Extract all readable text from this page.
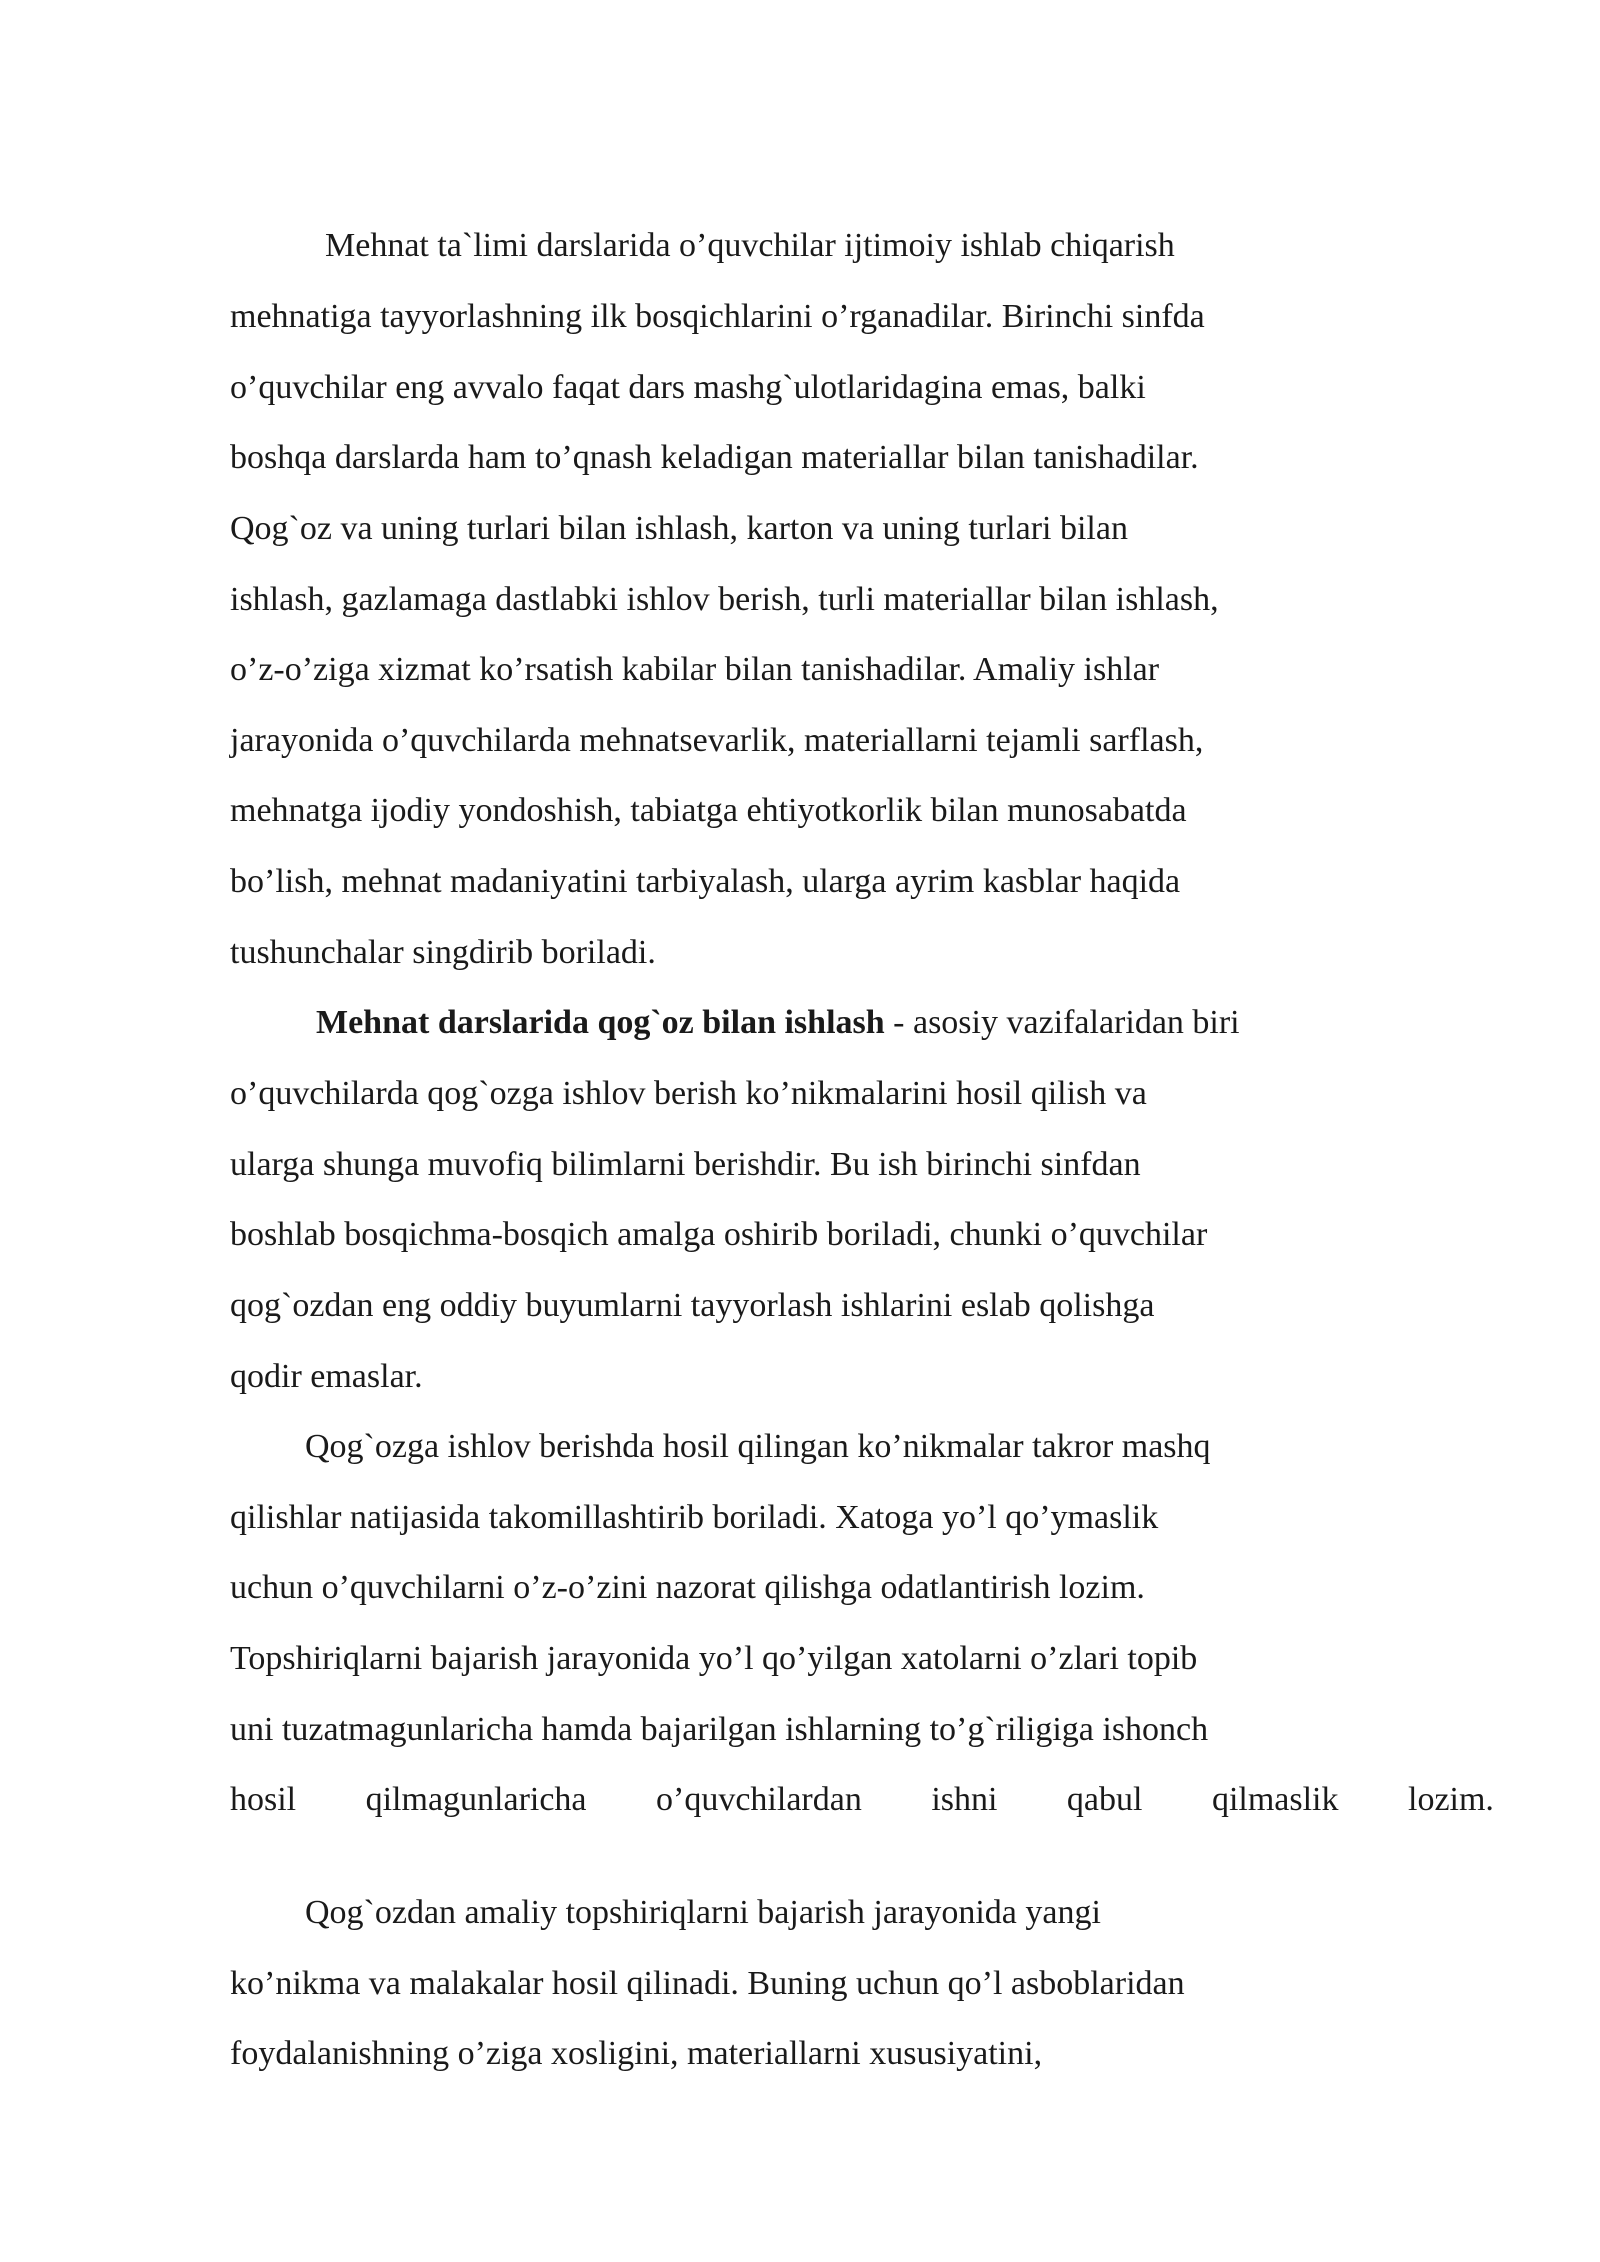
Mehnat ta`limi darslarida o’quvchilar ijtimoiy ishlab chiqarish

mehnatiga tayyorlashning ilk bosqichlarini o’rganadilar. Birinchi sinfda

o’quvchilar eng avvalo faqat dars mashg`ulotlaridagina emas, balki

boshqa darslarda ham to’qnash keladigan materiallar bilan tanishadilar.

Qog`oz va uning turlari bilan ishlash, karton va uning turlari bilan

ishlash, gazlamaga dastlabki ishlov berish, turli materiallar bilan ishlash,

o’z-o’ziga xizmat ko’rsatish kabilar bilan tanishadilar. Amaliy ishlar

jarayonida o’quvchilarda mehnatsevarlik, materiallarni tejamli sarflash,

mehnatga ijodiy yondoshish, tabiatga ehtiyotkorlik bilan munosabatda

bo’lish, mehnat madaniyatini tarbiyalash, ularga ayrim kasblar haqida

tushunchalar singdirib boriladi.

Mehnat darslarida qog`oz bilan ishlash - asosiy vazifalaridan biri

o’quvchilarda qog`ozga ishlov berish ko’nikmalarini hosil qilish va

ularga shunga muvofiq bilimlarni berishdir. Bu ish birinchi sinfdan

boshlab bosqichma-bosqich amalga oshirib boriladi, chunki o’quvchilar

qog`ozdan eng oddiy buyumlarni tayyorlash ishlarini eslab qolishga

qodir emaslar.

Qog`ozga ishlov berishda hosil qilingan ko’nikmalar takror mashq

qilishlar natijasida takomillashtirib boriladi. Xatoga yo’l qo’ymaslik

uchun o’quvchilarni o’z-o’zini nazorat qilishga odatlantirish lozim.

Topshiriqlarni bajarish jarayonida yo’l qo’yilgan xatolarni o’zlari topib

uni tuzatmagunlaricha hamda bajarilgan ishlarning to’g`riligiga ishonch

hosil qilmagunlaricha o’quvchilardan ishni qabul qilmaslik lozim.

Qog`ozdan amaliy topshiriqlarni bajarish jarayonida yangi

ko’nikma va malakalar hosil qilinadi. Buning uchun qo’l asboblaridan

foydalanishning o’ziga xosligini, materiallarni xususiyatini,
